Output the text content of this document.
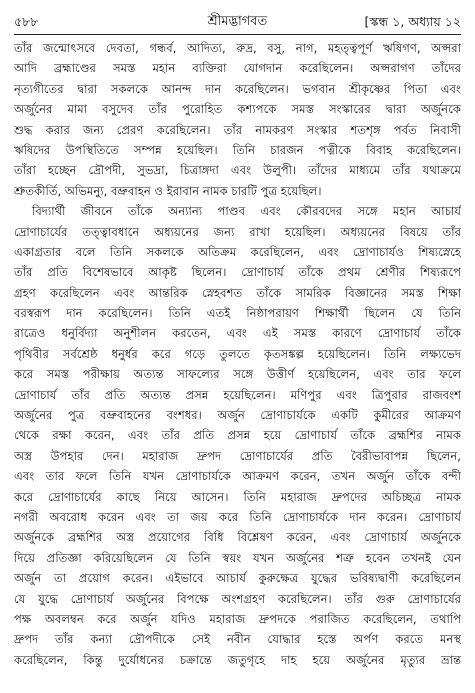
৫৮৮	শ্রীমদ্ভাগবত	[স্কন্ধ ১, অধ্যায় ১২
তাঁর জন্মোৎসবে দেবতা, গন্ধর্ব, আদিত্য, রুদ্র, বসু, নাগ, মহত্ত্বপূর্ণ ঋষিগণ, অপ্সরা
আদি ব্রহ্মাণ্ডের সমস্ত মহান ব্যক্তিরা যোগদান করেছিলেন। অপ্সরাগণ তাঁদের
নৃত্যগীতের দ্বারা সকলকে আনন্দ দান করেছিলেন। ভগবান শ্রীকৃষ্ণের পিতা এবং
অর্জুনের মামা বসুদেব তাঁর পুরোহিত কশ্যপকে সমস্ত সংস্কারের দ্বারা অর্জুনকে
শুদ্ধ করার জন্য প্রেরণ করেছিলেন। তাঁর নামকরণ সংস্কার শতশৃঙ্গ পর্বত নিবাসী
ঋষিদের উপস্থিতিতে সম্পন্ন হয়েছিল। তিনি চারজন পত্নীকে বিবাহ করেছিলেন।
তাঁরা হচ্ছেন দ্রৌপদী, সুভদ্রা, চিত্রাঙ্গদা এবং উলুপী। তাঁদের মাধ্যমে তাঁর যথাক্রমে
শ্রুতকীর্তি, অভিমন্যু, বভ্রুবাহন ও ইরাবান নামক চারটি পুত্র হয়েছিল।
বিদ্যার্থী জীবনে তাঁকে অন্যান্য পাণ্ডব এবং কৌরবদের সঙ্গে মহান আচার্য
দ্রোণাচার্যের তত্ত্বাবধানে অধ্যয়নের জন্য রাখা হয়েছিল। অধ্যয়নের বিষয়ে তাঁর
একাগ্রতার বলে তিনি সকলকে অতিক্রম করেছিলেন, এবং দ্রোণাচার্যও শিষ্যস্নেহে
তাঁর প্রতি বিশেষভাবে আকৃষ্ট ছিলেন। দ্রোণাচার্য তাঁকে প্রথম শ্রেণীর শিষ্যরূপে
গ্রহণ করেছিলেন এবং আন্তরিক স্নেহবশত তাঁকে সামরিক বিজ্ঞানের সমস্ত শিক্ষা
বরস্বরূপ দান করেছিলেন। তিনি এতই নিষ্ঠাপরায়ণ শিক্ষার্থী ছিলেন যে তিনি
রাত্রেও ধনুর্বিদ্যা অনুশীলন করতেন, এবং এই সমস্ত কারণে দ্রোণাচার্য তাঁকে
পৃথিবীর সর্বশ্রেষ্ঠ ধনুর্ধর করে গড়ে তুলতে কৃতসঙ্কল্প হয়েছিলেন। তিনি লক্ষ্যভেদ
করে সমস্ত পরীক্ষায় অত্যন্ত সাফল্যের সঙ্গে উত্তীর্ণ হয়েছিলেন, এবং তার ফলে
দ্রোণাচার্য তাঁর প্রতি অত্যন্ত প্রসন্ন হয়েছিলেন। মণিপুর এবং ত্রিপুরার রাজবংশ
অর্জুনের পুত্র বভ্রুবাহনের বংশধর। অর্জুন দ্রোণাচার্যকে একটি কুমীরের আক্রমণ
থেকে রক্ষা করেন, এবং তাঁর প্রতি প্রসন্ন হয়ে দ্রোণাচার্য তাঁকে ব্রহ্মশির নামক
অস্ত্র উপহার দেন। মহারাজ দ্রুপদ দ্রোণাচার্যের প্রতি বৈরীভাবাপন্ন ছিলেন,
এবং তার ফলে তিনি যখন দ্রোণাচার্যকে আক্রমণ করেন, তখন অর্জুন তাঁকে বন্দী
করে দ্রোণাচার্যের কাছে নিয়ে আসেন। তিনি মহারাজ দ্রুপদের অচিচ্ছত্র নামক
নগরী অবরোধ করেন এবং তা জয় করে তিনি দ্রোণাচার্যকে দান করেন। দ্রোণাচার্য
অর্জুনকে ব্রহ্মশির অস্ত্র প্রয়োগের বিধি বিশ্লেষণ করেন, এবং দ্রোণাচার্য অর্জুনকে
দিয়ে প্রতিজ্ঞা করিয়েছিলেন যে তিনি স্বয়ং যখন অর্জুনের শত্রু হবেন তখনই যেন
অর্জুন তা প্রয়োগ করেন। এইভাবে আচার্য কুরুক্ষেত্র যুদ্ধের ভবিষ্যদ্বাণী করেছিলেন
যে যুদ্ধে দ্রোণাচার্য অর্জুনের বিপক্ষে অংশগ্রহণ করেছিলেন। তাঁর গুরু দ্রোণাচার্যের
পক্ষ অবলম্বন করে অর্জুন যদিও মহারাজ দ্রুপদকে পরাজিত করেছিলেন, তথাপি
দ্রুপদ তাঁর কন্যা দ্রৌপদীকে সেই নবীন যোদ্ধার হস্তে অর্পণ করতে মনস্থ
করেছিলেন, কিন্তু দুর্যোধনের চক্রান্তে জতুগৃহে দাহ হয়ে অর্জুনের মৃত্যুর ভ্রান্ত
